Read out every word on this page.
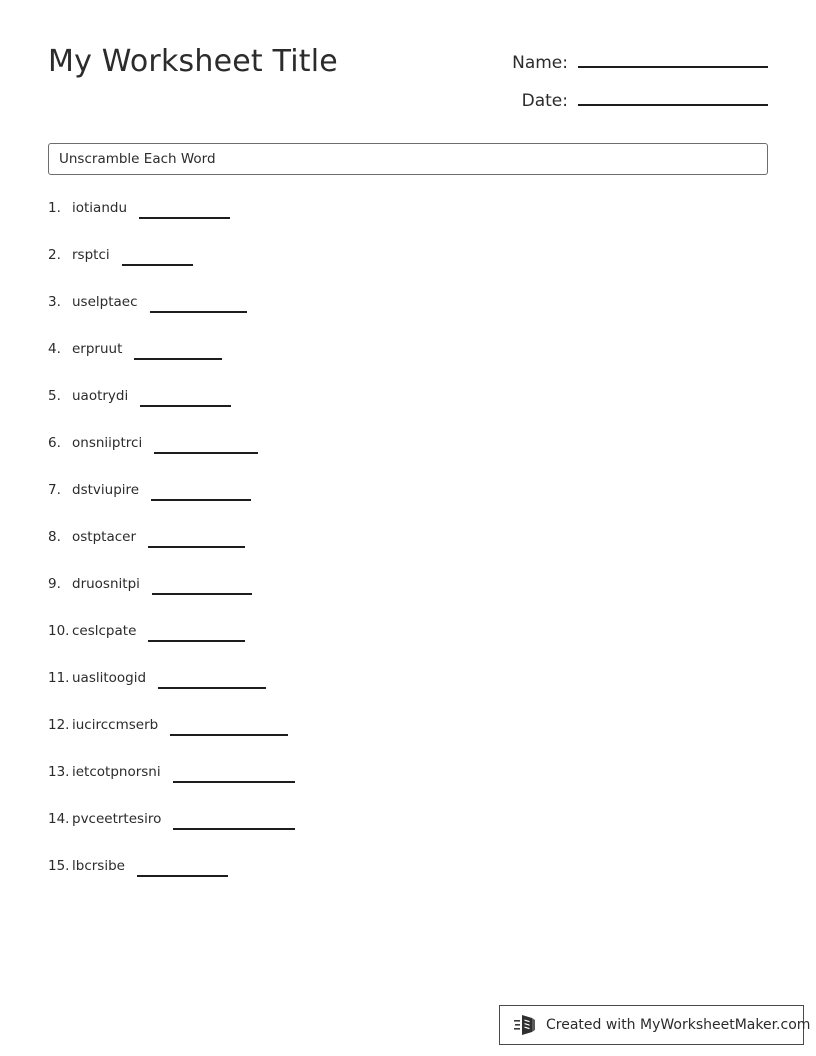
My Worksheet Title	Name:
Date:
Unscramble Each Word
1. iotiandu
2. rsptci
3. uselptaec
4. erpruut
5. uaotrydi
6. onsniiptrci
7. dstviupire
8. ostptacer
9. druosnitpi
10. ceslcpate
11. uaslitoogid
12. iucirccmserb
13. ietcotpnorsni
14. pvceetrtesiro
15. lbcrsibe
Created with MyWorksheetMaker.com
